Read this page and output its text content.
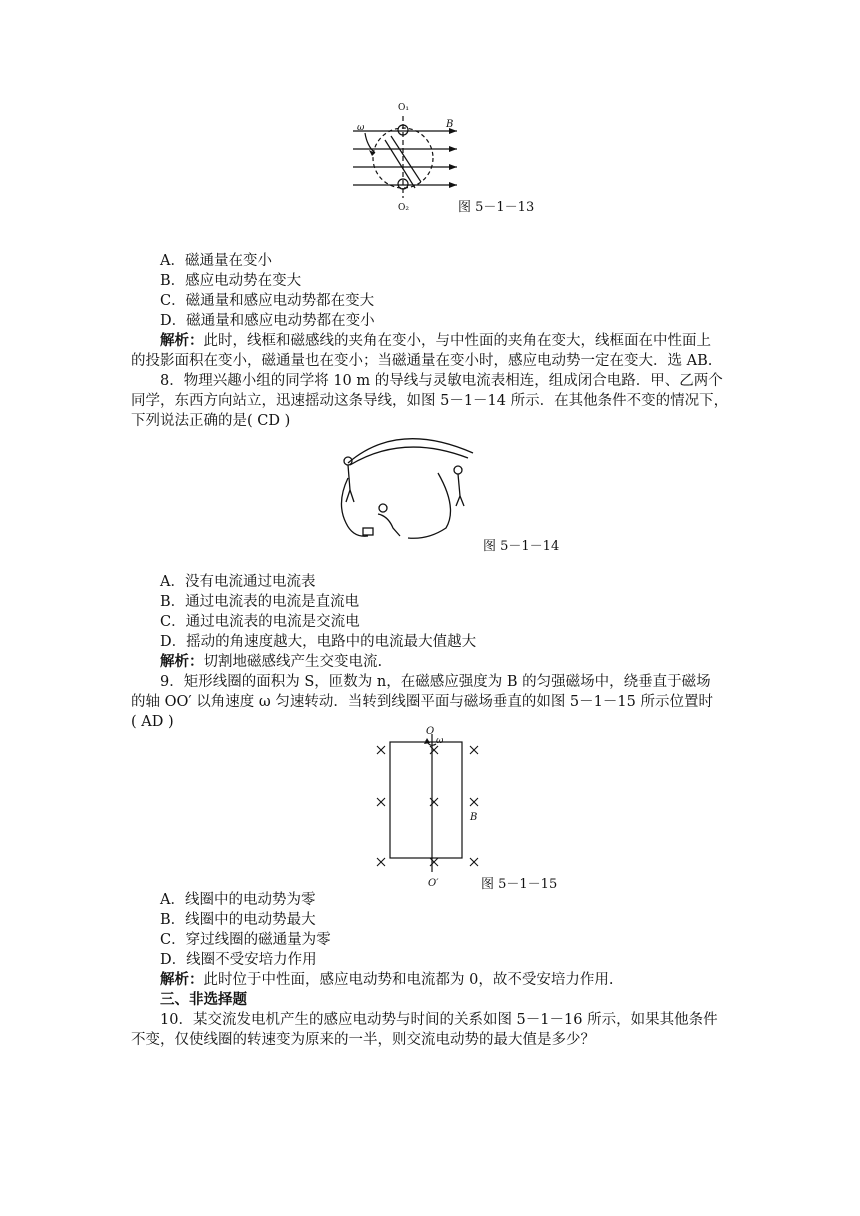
O₁
O₂
B
ω
图 5－1－13
A．磁通量在变小
B．感应电动势在变大
C．磁通量和感应电动势都在变大
D．磁通量和感应电动势都在变小
解析：此时，线框和磁感线的夹角在变小，与中性面的夹角在变大，线框面在中性面上
的投影面积在变小，磁通量也在变小；当磁通量在变小时，感应电动势一定在变大．选 AB.
8．物理兴趣小组的同学将 10 m 的导线与灵敏电流表相连，组成闭合电路．甲、乙两个
同学，东西方向站立，迅速摇动这条导线，如图 5－1－14 所示．在其他条件不变的情况下，
下列说法正确的是( CD )
图 5－1－14
A．没有电流通过电流表
B．通过电流表的电流是直流电
C．通过电流表的电流是交流电
D．摇动的角速度越大，电路中的电流最大值越大
解析：切割地磁感线产生交变电流.
9．矩形线圈的面积为 S，匝数为 n，在磁感应强度为 B 的匀强磁场中，绕垂直于磁场
的轴 OO′ 以角速度 ω 匀速转动．当转到线圈平面与磁场垂直的如图 5－1－15 所示位置时
( AD )
O
ω
B
O′	图 5－1－15
A．线圈中的电动势为零
B．线圈中的电动势最大
C．穿过线圈的磁通量为零
D．线圈不受安培力作用
解析：此时位于中性面，感应电动势和电流都为 0，故不受安培力作用.
三、非选择题
10．某交流发电机产生的感应电动势与时间的关系如图 5－1－16 所示，如果其他条件
不变，仅使线圈的转速变为原来的一半，则交流电动势的最大值是多少？
